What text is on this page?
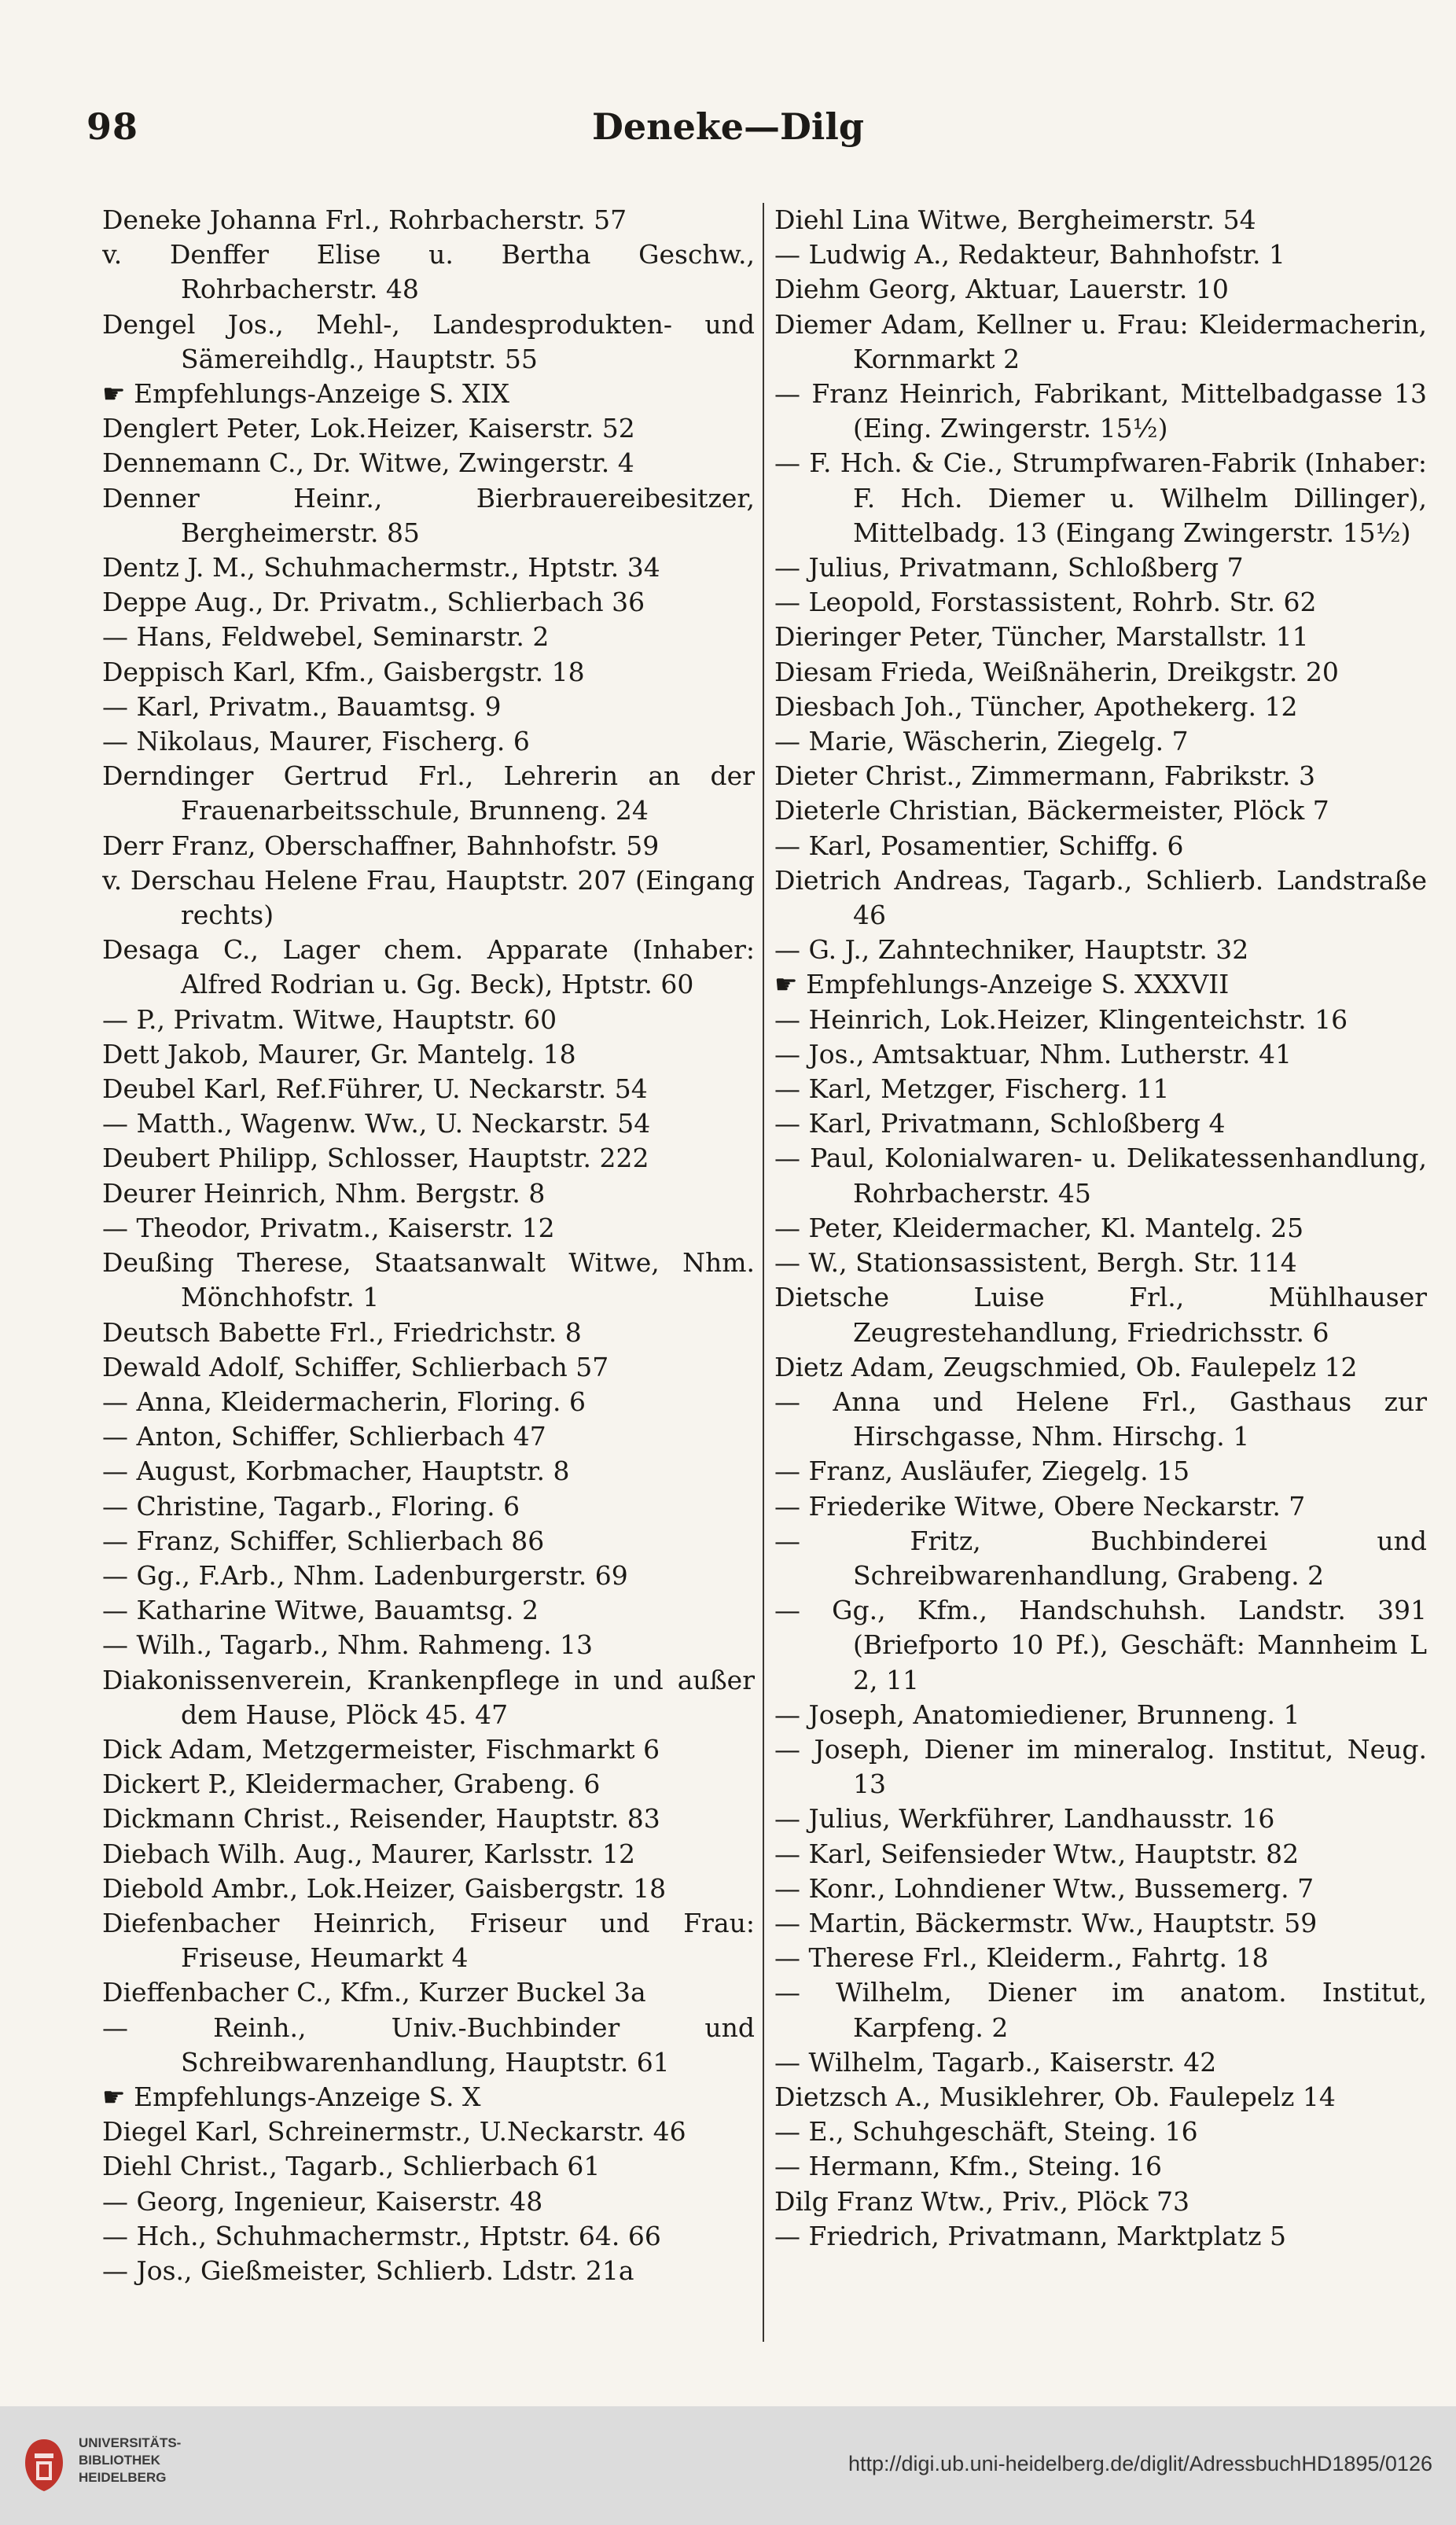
98	Deneke—Dilg
Deneke Johanna Frl., Rohrbacherstr. 57
v. Denffer Elise u. Bertha Geschw., Rohrbacherstr. 48
Dengel Jos., Mehl-, Landesprodukten- und Sämereihdlg., Hauptstr. 55
☛ Empfehlungs-Anzeige S. XIX
Denglert Peter, Lok.Heizer, Kaiserstr. 52
Dennemann C., Dr. Witwe, Zwingerstr. 4
Denner Heinr., Bierbrauereibesitzer, Bergheimerstr. 85
Dentz J. M., Schuhmachermstr., Hptstr. 34
Deppe Aug., Dr. Privatm., Schlierbach 36
— Hans, Feldwebel, Seminarstr. 2
Deppisch Karl, Kfm., Gaisbergstr. 18
— Karl, Privatm., Bauamtsg. 9
— Nikolaus, Maurer, Fischerg. 6
Derndinger Gertrud Frl., Lehrerin an der Frauenarbeitsschule, Brunneng. 24
Derr Franz, Oberschaffner, Bahnhofstr. 59
v. Derschau Helene Frau, Hauptstr. 207 (Eingang rechts)
Desaga C., Lager chem. Apparate (Inhaber: Alfred Rodrian u. Gg. Beck), Hptstr. 60
— P., Privatm. Witwe, Hauptstr. 60
Dett Jakob, Maurer, Gr. Mantelg. 18
Deubel Karl, Ref.Führer, U. Neckarstr. 54
— Matth., Wagenw. Ww., U. Neckarstr. 54
Deubert Philipp, Schlosser, Hauptstr. 222
Deurer Heinrich, Nhm. Bergstr. 8
— Theodor, Privatm., Kaiserstr. 12
Deußing Therese, Staatsanwalt Witwe, Nhm. Mönchhofstr. 1
Deutsch Babette Frl., Friedrichstr. 8
Dewald Adolf, Schiffer, Schlierbach 57
— Anna, Kleidermacherin, Floring. 6
— Anton, Schiffer, Schlierbach 47
— August, Korbmacher, Hauptstr. 8
— Christine, Tagarb., Floring. 6
— Franz, Schiffer, Schlierbach 86
— Gg., F.Arb., Nhm. Ladenburgerstr. 69
— Katharine Witwe, Bauamtsg. 2
— Wilh., Tagarb., Nhm. Rahmeng. 13
Diakonissenverein, Krankenpflege in und außer dem Hause, Plöck 45. 47
Dick Adam, Metzgermeister, Fischmarkt 6
Dickert P., Kleidermacher, Grabeng. 6
Dickmann Christ., Reisender, Hauptstr. 83
Diebach Wilh. Aug., Maurer, Karlsstr. 12
Diebold Ambr., Lok.Heizer, Gaisbergstr. 18
Diefenbacher Heinrich, Friseur und Frau: Friseuse, Heumarkt 4
Dieffenbacher C., Kfm., Kurzer Buckel 3a
— Reinh., Univ.-Buchbinder und Schreibwarenhandlung, Hauptstr. 61
☛ Empfehlungs-Anzeige S. X
Diegel Karl, Schreinermstr., U.Neckarstr. 46
Diehl Christ., Tagarb., Schlierbach 61
— Georg, Ingenieur, Kaiserstr. 48
— Hch., Schuhmachermstr., Hptstr. 64. 66
— Jos., Gießmeister, Schlierb. Ldstr. 21a
Diehl Lina Witwe, Bergheimerstr. 54
— Ludwig A., Redakteur, Bahnhofstr. 1
Diehm Georg, Aktuar, Lauerstr. 10
Diemer Adam, Kellner u. Frau: Kleidermacherin, Kornmarkt 2
— Franz Heinrich, Fabrikant, Mittelbadgasse 13 (Eing. Zwingerstr. 15½)
— F. Hch. & Cie., Strumpfwaren-Fabrik (Inhaber: F. Hch. Diemer u. Wilhelm Dillinger), Mittelbadg. 13 (Eingang Zwingerstr. 15½)
— Julius, Privatmann, Schloßberg 7
— Leopold, Forstassistent, Rohrb. Str. 62
Dieringer Peter, Tüncher, Marstallstr. 11
Diesam Frieda, Weißnäherin, Dreikgstr. 20
Diesbach Joh., Tüncher, Apothekerg. 12
— Marie, Wäscherin, Ziegelg. 7
Dieter Christ., Zimmermann, Fabrikstr. 3
Dieterle Christian, Bäckermeister, Plöck 7
— Karl, Posamentier, Schiffg. 6
Dietrich Andreas, Tagarb., Schlierb. Landstraße 46
— G. J., Zahntechniker, Hauptstr. 32
☛ Empfehlungs-Anzeige S. XXXVII
— Heinrich, Lok.Heizer, Klingenteichstr. 16
— Jos., Amtsaktuar, Nhm. Lutherstr. 41
— Karl, Metzger, Fischerg. 11
— Karl, Privatmann, Schloßberg 4
— Paul, Kolonialwaren- u. Delikatessenhandlung, Rohrbacherstr. 45
— Peter, Kleidermacher, Kl. Mantelg. 25
— W., Stationsassistent, Bergh. Str. 114
Dietsche Luise Frl., Mühlhauser Zeugrestehandlung, Friedrichsstr. 6
Dietz Adam, Zeugschmied, Ob. Faulepelz 12
— Anna und Helene Frl., Gasthaus zur Hirschgasse, Nhm. Hirschg. 1
— Franz, Ausläufer, Ziegelg. 15
— Friederike Witwe, Obere Neckarstr. 7
— Fritz, Buchbinderei und Schreibwarenhandlung, Grabeng. 2
— Gg., Kfm., Handschuhsh. Landstr. 391 (Briefporto 10 Pf.), Geschäft: Mannheim L 2, 11
— Joseph, Anatomiediener, Brunneng. 1
— Joseph, Diener im mineralog. Institut, Neug. 13
— Julius, Werkführer, Landhausstr. 16
— Karl, Seifensieder Wtw., Hauptstr. 82
— Konr., Lohndiener Wtw., Bussemerg. 7
— Martin, Bäckermstr. Ww., Hauptstr. 59
— Therese Frl., Kleiderm., Fahrtg. 18
— Wilhelm, Diener im anatom. Institut, Karpfeng. 2
— Wilhelm, Tagarb., Kaiserstr. 42
Dietzsch A., Musiklehrer, Ob. Faulepelz 14
— E., Schuhgeschäft, Steing. 16
— Hermann, Kfm., Steing. 16
Dilg Franz Wtw., Priv., Plöck 73
— Friedrich, Privatmann, Marktplatz 5
UNIVERSITÄTS-
BIBLIOTHEK
HEIDELBERG
http://digi.ub.uni-heidelberg.de/diglit/AdressbuchHD1895/0126
